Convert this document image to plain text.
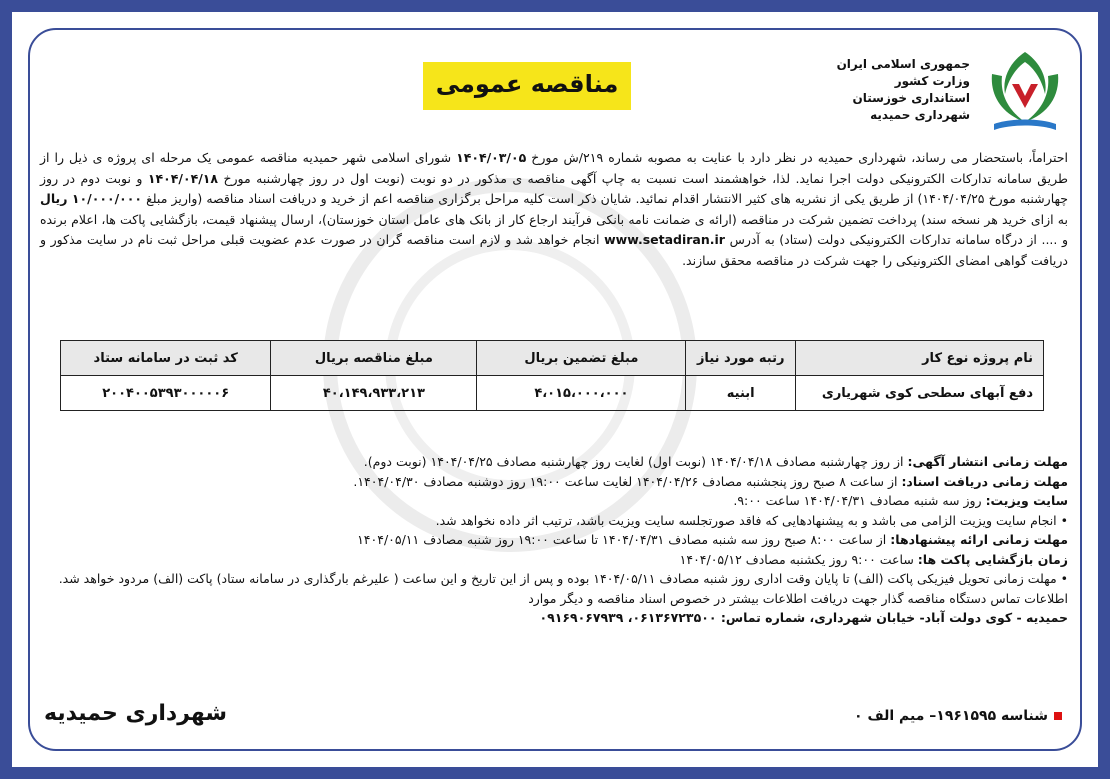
جمهوری اسلامی ایران
وزارت کشور
استانداری خوزستان
شهرداری حمیدیه
مناقصه عمومی
احتراماً، باستحضار می رساند، شهرداری حمیدیه در نظر دارد با عنایت به مصوبه شماره ۲۱۹/ش مورخ ۱۴۰۴/۰۳/۰۵ شورای اسلامی شهر حمیدیه مناقصه عمومی یک مرحله ای پروژه ی ذیل را از طریق سامانه تدارکات الکترونیکی دولت اجرا نماید. لذا، خواهشمند است نسبت به چاپ آگهی مناقصه ی مذکور در دو نوبت (نوبت اول در روز چهارشنبه مورخ ۱۴۰۴/۰۴/۱۸ و نوبت دوم در روز چهارشنبه مورخ ۱۴۰۴/۰۴/۲۵) از طریق یکی از نشریه های کثیر الانتشار اقدام نمائید. شایان ذکر است کلیه مراحل برگزاری مناقصه اعم از خرید و دریافت اسناد مناقصه (واریز مبلغ ۱۰/۰۰۰/۰۰۰ ریال به ازای خرید هر نسخه سند) پرداخت تضمین شرکت در مناقصه (ارائه ی ضمانت نامه بانکی فرآیند ارجاع کار از بانک های عامل استان خوزستان)، ارسال پیشنهاد قیمت، بازگشایی پاکت ها، اعلام برنده و .... از درگاه سامانه تدارکات الکترونیکی دولت (ستاد) به آدرس www.setadiran.ir انجام خواهد شد و لازم است مناقصه گران در صورت عدم عضویت قبلی مراحل ثبت نام در سایت مذکور و دریافت گواهی امضای الکترونیکی را جهت شرکت در مناقصه محقق سازند.
نام پروژه نوع کار	رتبه مورد نیاز	مبلغ تضمین بریال	مبلغ مناقصه بریال	کد ثبت در سامانه ستاد
دفع آبهای سطحی کوی شهریاری	ابنیه	۴،۰۱۵،۰۰۰،۰۰۰	۴۰،۱۴۹،۹۳۳،۲۱۳	۲۰۰۴۰۰۵۳۹۳۰۰۰۰۰۶
مهلت زمانی انتشار آگهی: از روز چهارشنبه مصادف ۱۴۰۴/۰۴/۱۸ (نوبت اول) لغایت روز چهارشنبه مصادف ۱۴۰۴/۰۴/۲۵ (نوبت دوم).
مهلت زمانی دریافت اسناد: از ساعت ۸ صبح روز پنجشنبه مصادف ۱۴۰۴/۰۴/۲۶ لغایت ساعت ۱۹:۰۰ روز دوشنبه مصادف ۱۴۰۴/۰۴/۳۰.
سایت ویزیت: روز سه شنبه مصادف ۱۴۰۴/۰۴/۳۱ ساعت ۹:۰۰.
• انجام سایت ویزیت الزامی می باشد و به پیشنهادهایی که فاقد صورتجلسه سایت ویزیت باشد، ترتیب اثر داده نخواهد شد.
مهلت زمانی ارائه پیشنهادها: از ساعت ۸:۰۰ صبح روز سه شنبه مصادف ۱۴۰۴/۰۴/۳۱ تا ساعت ۱۹:۰۰ روز شنبه مصادف ۱۴۰۴/۰۵/۱۱
زمان بازگشایی پاکت ها: ساعت ۹:۰۰ روز یکشنبه مصادف ۱۴۰۴/۰۵/۱۲
• مهلت زمانی تحویل فیزیکی پاکت (الف) تا پایان وقت اداری روز شنبه مصادف ۱۴۰۴/۰۵/۱۱ بوده و پس از این تاریخ و این ساعت ( علیرغم بارگذاری در سامانه ستاد) پاکت (الف) مردود خواهد شد.
اطلاعات تماس دستگاه مناقصه گذار جهت دریافت اطلاعات بیشتر در خصوص اسناد مناقصه و دیگر موارد
حمیدیه - کوی دولت آباد- خیابان شهرداری، شماره تماس: ۰۶۱۳۶۷۲۳۵۰۰، ۰۹۱۶۹۰۶۷۹۳۹
شناسه ۱۹۶۱۵۹۵– میم الف ۰
شهرداری حمیدیه
